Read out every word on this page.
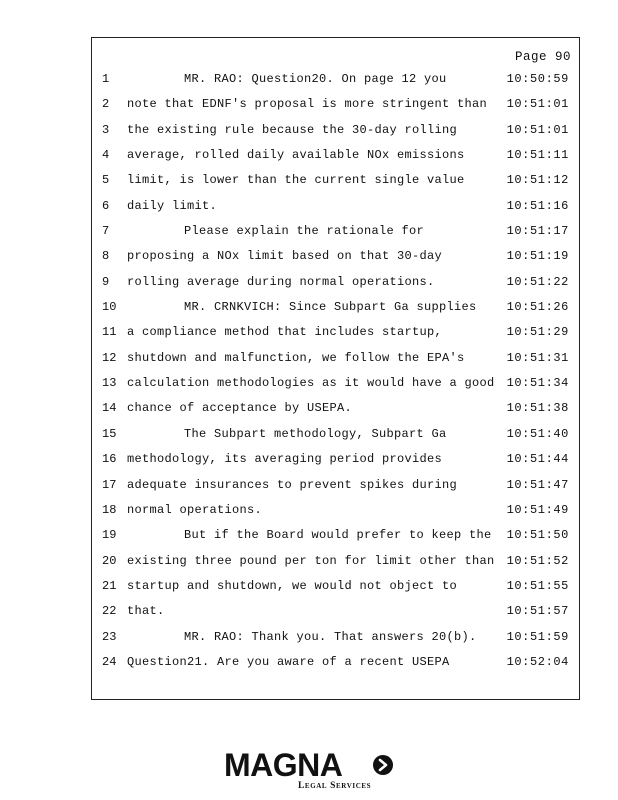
Page 90
1	MR. RAO: Question20. On page 12 you	10:50:59
2	note that EDNF's proposal is more stringent than 10:51:01
3	the existing rule because the 30-day rolling	10:51:01
4	average, rolled daily available NOx emissions	10:51:11
5	limit, is lower than the current single value	10:51:12
6	daily limit.	10:51:16
7	Please explain the rationale for	10:51:17
8	proposing a NOx limit based on that 30-day	10:51:19
9	rolling average during normal operations.	10:51:22
10	MR. CRNKVICH: Since Subpart Ga supplies	10:51:26
11 a compliance method that includes startup,	10:51:29
12 shutdown and malfunction, we follow the EPA's	10:51:31
13 calculation methodologies as it would have a good 10:51:34
14 chance of acceptance by USEPA.	10:51:38
15	The Subpart methodology, Subpart Ga	10:51:40
16 methodology, its averaging period provides	10:51:44
17 adequate insurances to prevent spikes during	10:51:47
18 normal operations.	10:51:49
19	But if the Board would prefer to keep the 10:51:50
20 existing three pound per ton for limit other than 10:51:52
21 startup and shutdown, we would not object to	10:51:55
22 that.	10:51:57
23	MR. RAO: Thank you. That answers 20(b).	10:51:59
24 Question21. Are you aware of a recent USEPA	10:52:04
MAGNA
Legal Services
